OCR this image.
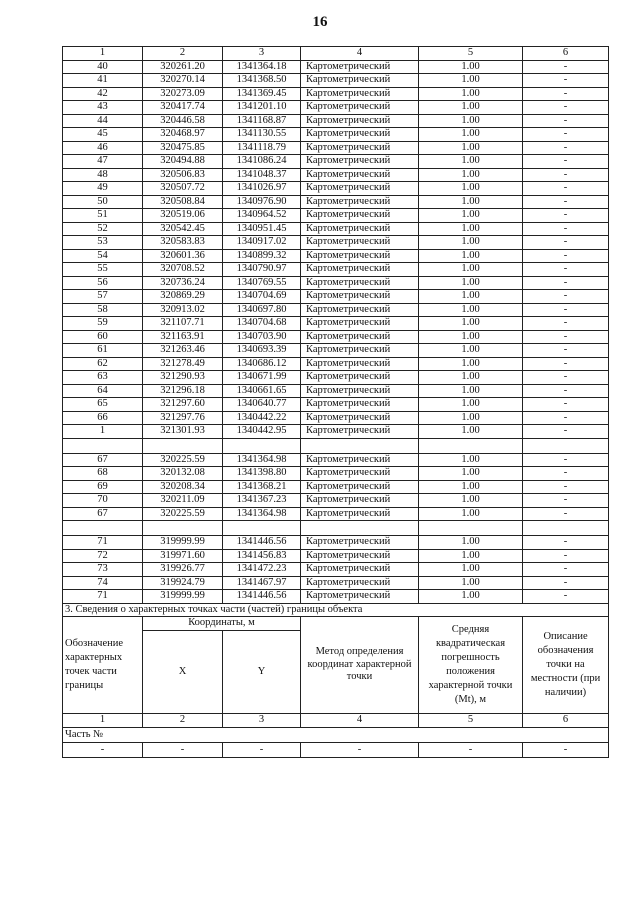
16
1	2	3	4	5	6
40	320261.20	1341364.18	Картометрический	1.00	-
41	320270.14	1341368.50	Картометрический	1.00	-
42	320273.09	1341369.45	Картометрический	1.00	-
43	320417.74	1341201.10	Картометрический	1.00	-
44	320446.58	1341168.87	Картометрический	1.00	-
45	320468.97	1341130.55	Картометрический	1.00	-
46	320475.85	1341118.79	Картометрический	1.00	-
47	320494.88	1341086.24	Картометрический	1.00	-
48	320506.83	1341048.37	Картометрический	1.00	-
49	320507.72	1341026.97	Картометрический	1.00	-
50	320508.84	1340976.90	Картометрический	1.00	-
51	320519.06	1340964.52	Картометрический	1.00	-
52	320542.45	1340951.45	Картометрический	1.00	-
53	320583.83	1340917.02	Картометрический	1.00	-
54	320601.36	1340899.32	Картометрический	1.00	-
55	320708.52	1340790.97	Картометрический	1.00	-
56	320736.24	1340769.55	Картометрический	1.00	-
57	320869.29	1340704.69	Картометрический	1.00	-
58	320913.02	1340697.80	Картометрический	1.00	-
59	321107.71	1340704.68	Картометрический	1.00	-
60	321163.91	1340703.90	Картометрический	1.00	-
61	321263.46	1340693.39	Картометрический	1.00	-
62	321278.49	1340686.12	Картометрический	1.00	-
63	321290.93	1340671.99	Картометрический	1.00	-
64	321296.18	1340661.65	Картометрический	1.00	-
65	321297.60	1340640.77	Картометрический	1.00	-
66	321297.76	1340442.22	Картометрический	1.00	-
1	321301.93	1340442.95	Картометрический	1.00	-

67	320225.59	1341364.98	Картометрический	1.00	-
68	320132.08	1341398.80	Картометрический	1.00	-
69	320208.34	1341368.21	Картометрический	1.00	-
70	320211.09	1341367.23	Картометрический	1.00	-
67	320225.59	1341364.98	Картометрический	1.00	-

71	319999.99	1341446.56	Картометрический	1.00	-
72	319971.60	1341456.83	Картометрический	1.00	-
73	319926.77	1341472.23	Картометрический	1.00	-
74	319924.79	1341467.97	Картометрический	1.00	-
71	319999.99	1341446.56	Картометрический	1.00	-
3. Сведения о характерных точках части (частей) границы объекта					
Обозначение характерных точек части границы	Координаты, м		Метод определения координат характерной точки	Средняя квадратическая погрешность положения характерной точки (Mt), м	Описание обозначения точки на местности (при наличии)
	X	Y			
1	2	3	4	5	6
Часть №					
-	-	-	-	-	-
